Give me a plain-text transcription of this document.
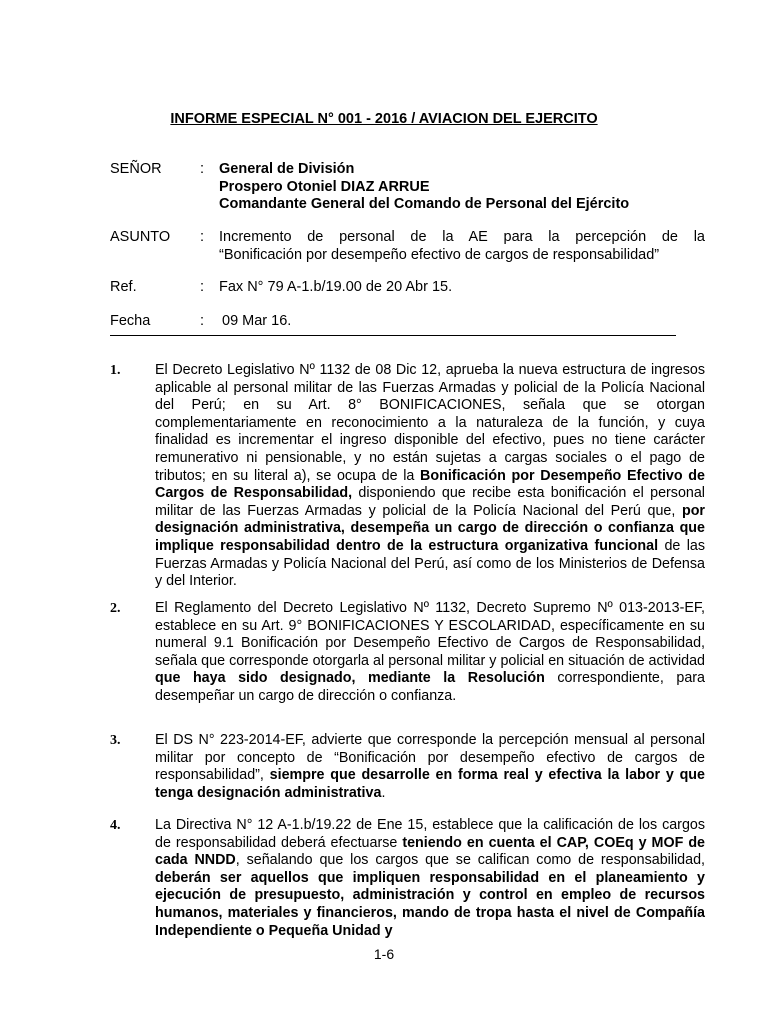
INFORME ESPECIAL N° 001 - 2016 / AVIACION DEL EJERCITO
SEÑOR	:	General de División
Prospero Otoniel DIAZ ARRUE
Comandante General del Comando de Personal del Ejército
ASUNTO	:	Incremento de personal de la AE para la percepción de la
“Bonificación por desempeño efectivo de cargos de responsabilidad”
Ref.	:	Fax N° 79 A-1.b/19.00 de 20 Abr 15.
Fecha	:	09 Mar 16.
1.	El Decreto Legislativo Nº 1132 de 08 Dic 12, aprueba la nueva estructura de ingresos aplicable al personal militar de las Fuerzas Armadas y policial de la Policía Nacional del Perú; en su Art. 8° BONIFICACIONES, señala que se otorgan complementariamente en reconocimiento a la naturaleza de la función, y cuya finalidad es incrementar el ingreso disponible del efectivo, pues no tiene carácter remunerativo ni pensionable, y no están sujetas a cargas sociales o el pago de tributos; en su literal a), se ocupa de la Bonificación por Desempeño Efectivo de Cargos de Responsabilidad, disponiendo que recibe esta bonificación el personal militar de las Fuerzas Armadas y policial de la Policía Nacional del Perú que, por designación administrativa, desempeña un cargo de dirección o confianza que implique responsabilidad dentro de la estructura organizativa funcional de las Fuerzas Armadas y Policía Nacional del Perú, así como de los Ministerios de Defensa y del Interior.
2.	El Reglamento del Decreto Legislativo Nº 1132, Decreto Supremo Nº 013-2013-EF, establece en su Art. 9° BONIFICACIONES Y ESCOLARIDAD, específicamente en su numeral 9.1 Bonificación por Desempeño Efectivo de Cargos de Responsabilidad, señala que corresponde otorgarla al personal militar y policial en situación de actividad que haya sido designado, mediante la Resolución correspondiente, para desempeñar un cargo de dirección o confianza.
3.	El DS N° 223-2014-EF, advierte que corresponde la percepción mensual al personal militar por concepto de “Bonificación por desempeño efectivo de cargos de responsabilidad”, siempre que desarrolle en forma real y efectiva la labor y que tenga designación administrativa.
4.	La Directiva N° 12 A-1.b/19.22 de Ene 15, establece que la calificación de los cargos de responsabilidad deberá efectuarse teniendo en cuenta el CAP, COEq y MOF de cada NNDD, señalando que los cargos que se califican como de responsabilidad, deberán ser aquellos que impliquen responsabilidad en el planeamiento y ejecución de presupuesto, administración y control en empleo de recursos humanos, materiales y financieros, mando de tropa hasta el nivel de Compañía Independiente o Pequeña Unidad y
1-6
